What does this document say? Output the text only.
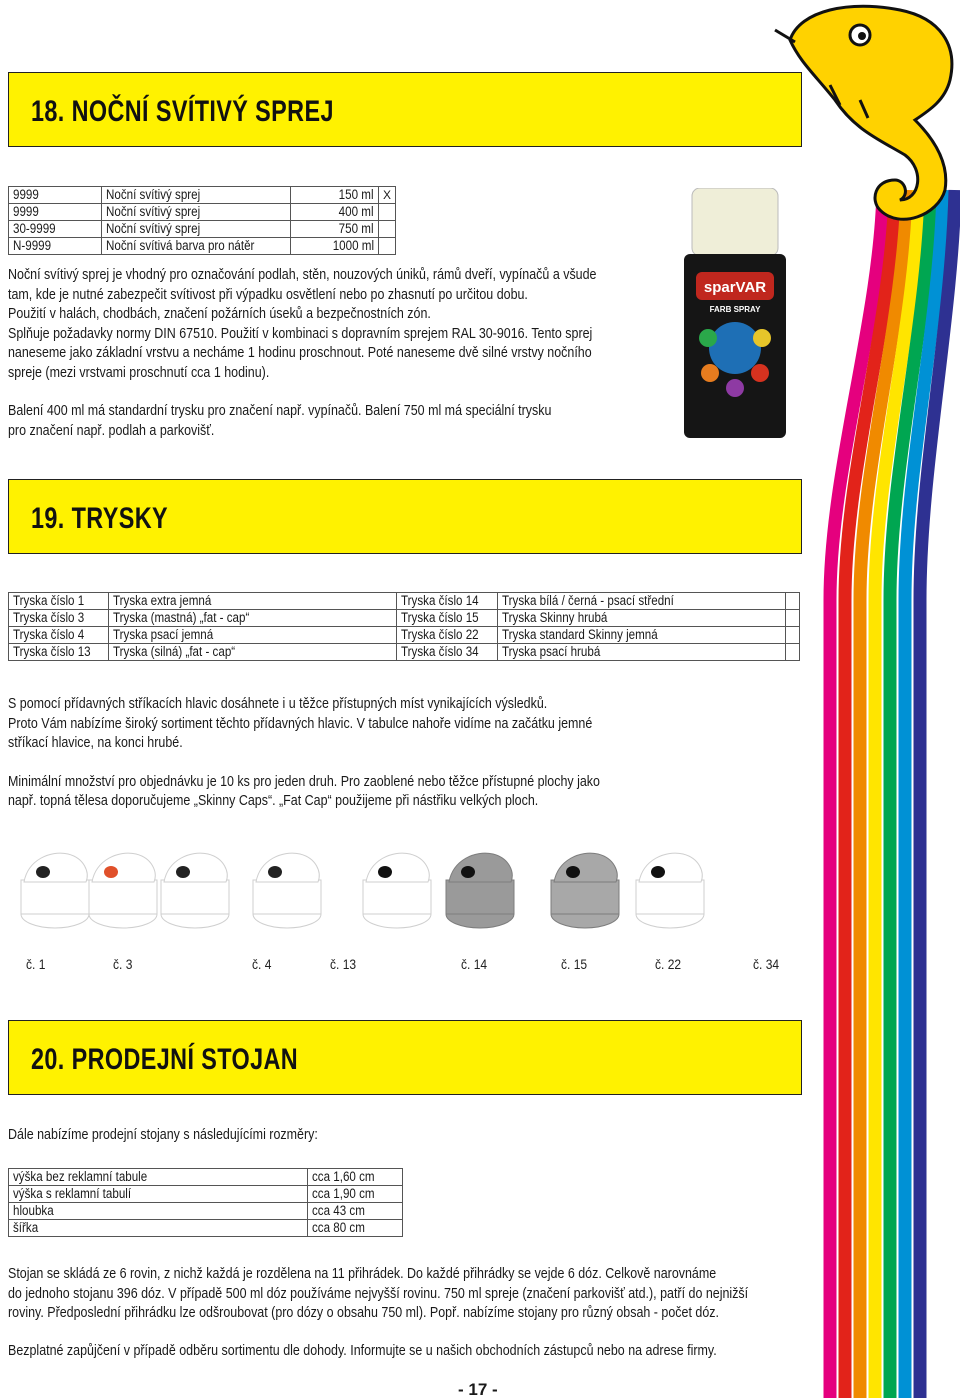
18. NOČNÍ SVÍTIVÝ SPREJ
9999	Noční svítivý sprej	150 ml	X
9999	Noční svítivý sprej	400 ml	
30-9999	Noční svítivý sprej	750 ml	
N-9999	Noční svítivá barva pro nátěr	1000 ml	
Noční svítivý sprej je vhodný pro označování podlah, stěn, nouzových úniků, rámů dveří, vypínačů a všude
tam, kde je nutné zabezpečit svítivost při výpadku osvětlení nebo po zhasnutí po určitou dobu.
Použití v halách, chodbách, značení požárních úseků a bezpečnostních zón.
Splňuje požadavky normy DIN 67510. Použití v kombinaci s dopravním sprejem RAL 30-9016. Tento sprej
naneseme jako základní vrstvu a necháme 1 hodinu proschnout. Poté naneseme dvě silné vrstvy nočního
spreje (mezi vrstvami proschnutí cca 1 hodinu).
Balení 400 ml má standardní trysku pro značení např. vypínačů. Balení 750 ml má speciální trysku
pro značení např. podlah a parkovišť.
sparVAR
FARB SPRAY
19. TRYSKY
Tryska číslo 1	Tryska extra jemná	Tryska číslo 14	Tryska bílá / černá - psací střední	
Tryska číslo 3	Tryska (mastná) „fat - cap“	Tryska číslo 15	Tryska Skinny hrubá	
Tryska číslo 4	Tryska psací jemná	Tryska číslo 22	Tryska standard Skinny jemná	
Tryska číslo 13	Tryska (silná) „fat - cap“	Tryska číslo 34	Tryska psací hrubá	
S pomocí přídavných stříkacích hlavic dosáhnete i u těžce přístupných míst vynikajících výsledků.
Proto Vám nabízíme široký sortiment těchto přídavných hlavic. V tabulce nahoře vidíme na začátku jemné
stříkací hlavice, na konci hrubé.
Minimální množství pro objednávku je 10 ks pro jeden druh. Pro zaoblené nebo těžce přístupné plochy jako
např. topná tělesa doporučujeme „Skinny Caps“. „Fat Cap“ použijeme při nástřiku velkých ploch.
č. 1	č. 3	č. 4	č. 13	č. 14	č. 15	č. 22	č. 34
20. PRODEJNÍ STOJAN
Dále nabízíme prodejní stojany s následujícími rozměry:
výška bez reklamní tabule	cca 1,60 cm
výška s reklamní tabulí	cca 1,90 cm
hloubka	cca 43 cm
šířka	cca 80 cm
Stojan se skládá ze 6 rovin, z nichž každá je rozdělena na 11 přihrádek. Do každé přihrádky se vejde 6 dóz. Celkově narovnáme
do jednoho stojanu 396 dóz. V případě 500 ml dóz používáme nejvyšší rovinu. 750 ml spreje (značení parkovišť atd.), patří do nejnižší
roviny. Předposlední přihrádku lze odšroubovat (pro dózy o obsahu 750 ml). Popř. nabízíme stojany pro různý obsah - počet dóz.
Bezplatné zapůjčení v případě odběru sortimentu dle dohody. Informujte se u našich obchodních zástupců nebo na adrese firmy.
- 17 -
